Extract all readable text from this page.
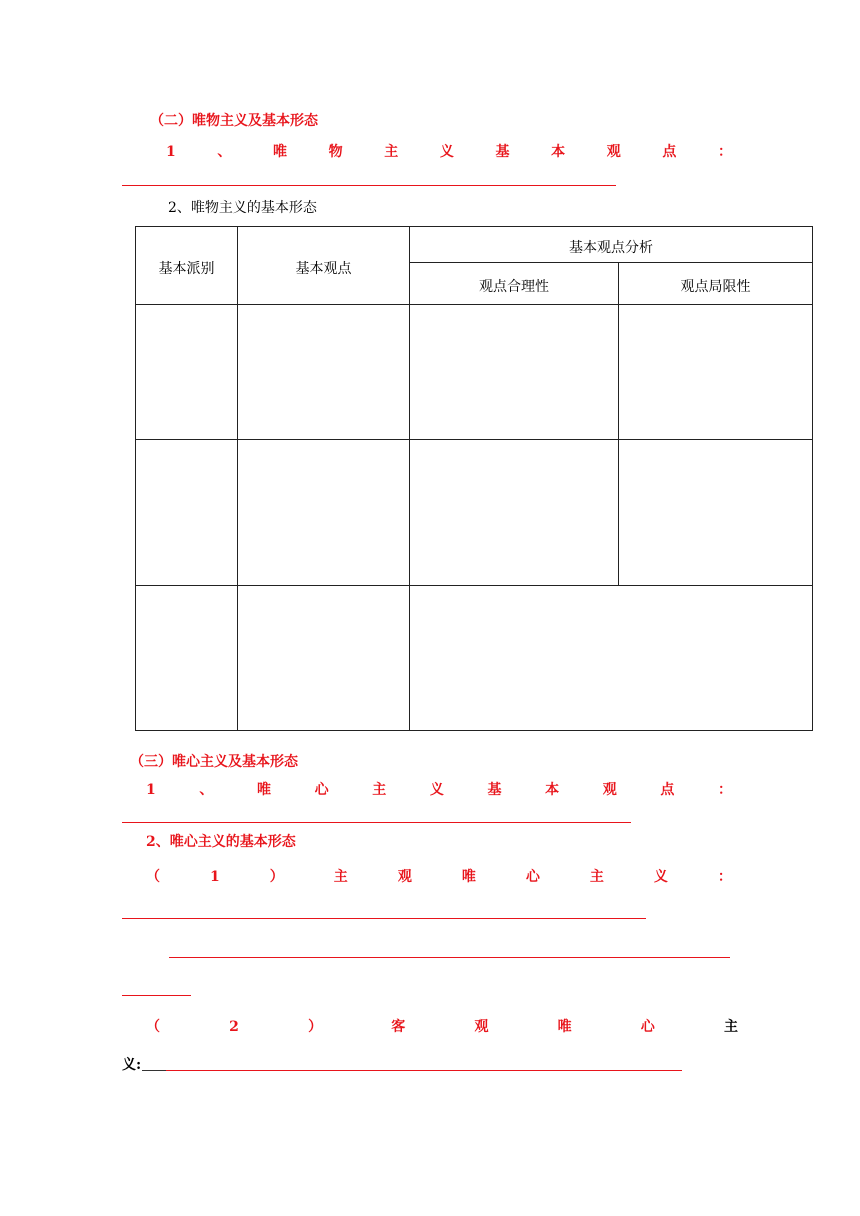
（二）唯物主义及基本形态
1	、	唯	物	主	义	基	本	观	点	：
2、唯物主义的基本形态
基本派别	基本观点
基本观点分析
观点合理性	观点局限性
（三）唯心主义及基本形态
1	、	唯	心	主	义	基	本	观	点	：
2、唯心主义的基本形态
（	1	）	主	观	唯	心	主	义	：
（	2	）	客	观	唯	心	主
义:
